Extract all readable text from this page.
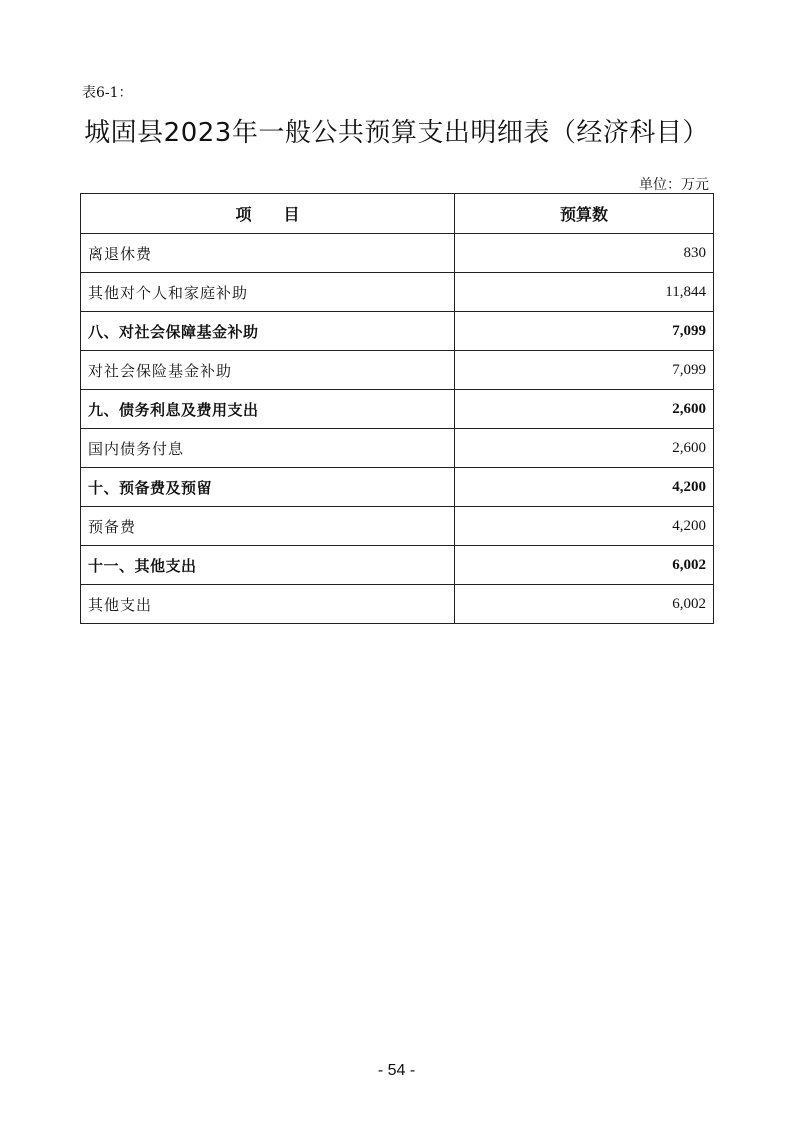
表6-1：
城固县2023年一般公共预算支出明细表（经济科目）
单位：万元
项　　目	预算数
离退休费	830
其他对个人和家庭补助	11,844
八、对社会保障基金补助	7,099
对社会保险基金补助	7,099
九、债务利息及费用支出	2,600
国内债务付息	2,600
十、预备费及预留	4,200
预备费	4,200
十一、其他支出	6,002
其他支出	6,002
- 54 -
